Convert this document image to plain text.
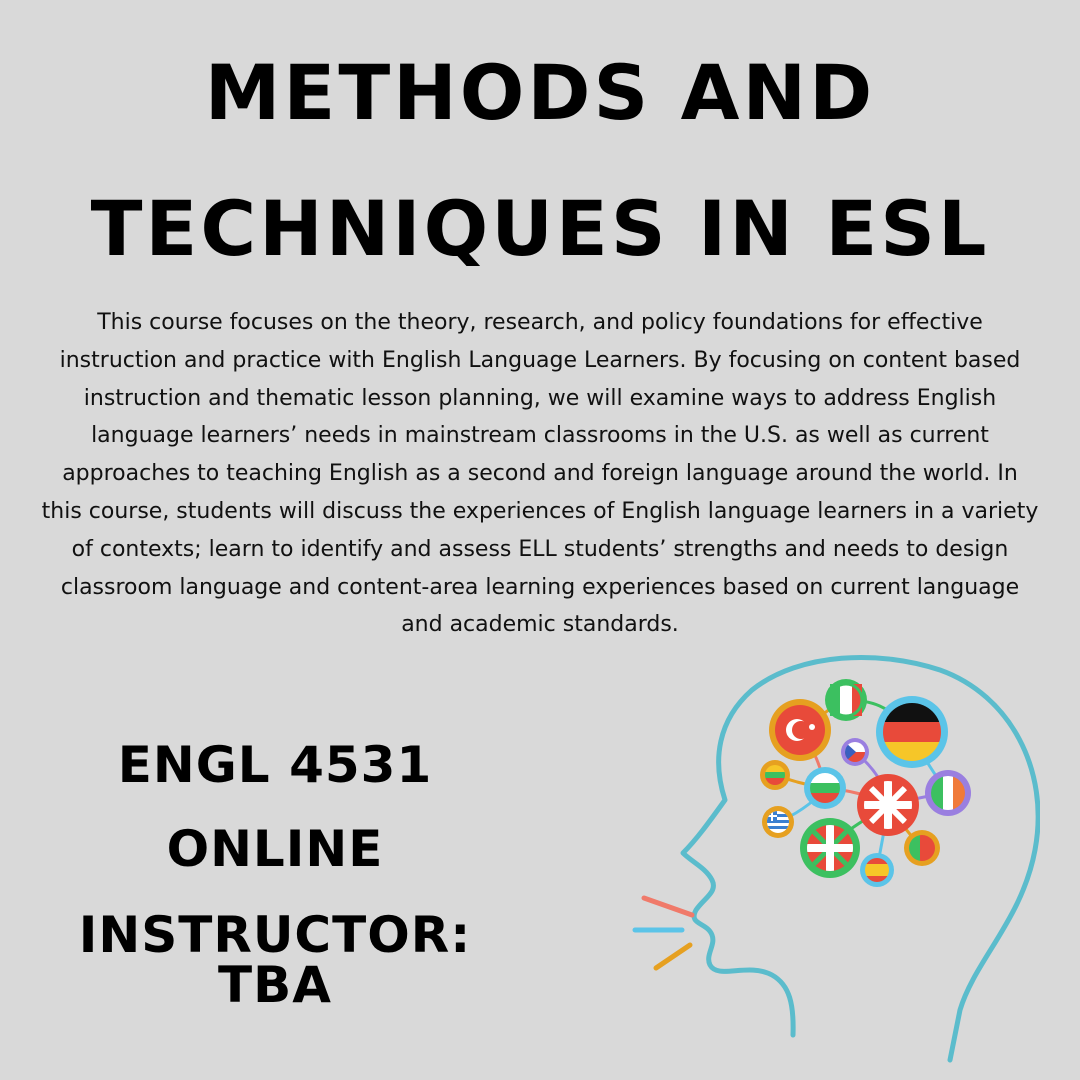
METHODS AND
TECHNIQUES IN ESL
This course focuses on the theory, research, and policy foundations for effective instruction and practice with English Language Learners. By focusing on content based instruction and thematic lesson planning, we will examine ways to address English language learners’ needs in mainstream classrooms in the U.S. as well as current approaches to teaching English as a second and foreign language around the world. In this course, students will discuss the experiences of English language learners in a variety of contexts; learn to identify and assess ELL students’ strengths and needs to design classroom language and content-area learning experiences based on current language and academic standards.
ENGL 4531
ONLINE
INSTRUCTOR: TBA
